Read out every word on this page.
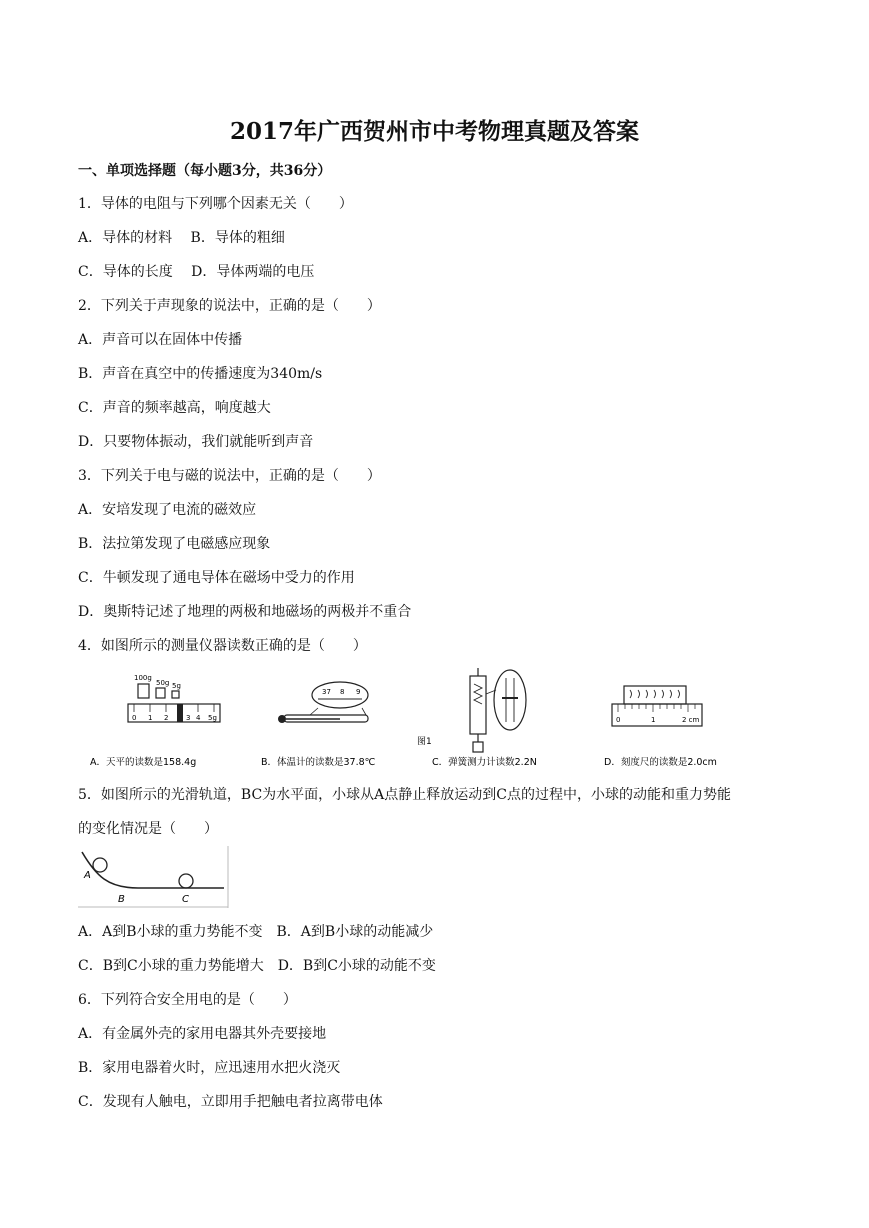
2017年广西贺州市中考物理真题及答案
一、单项选择题（每小题3分，共36分）
1．导体的电阻与下列哪个因素无关（　　）
A．导体的材料　 B．导体的粗细
C．导体的长度　 D．导体两端的电压
2．下列关于声现象的说法中，正确的是（　　）
A．声音可以在固体中传播
B．声音在真空中的传播速度为340m/s
C．声音的频率越高，响度越大
D．只要物体振动，我们就能听到声音
3．下列关于电与磁的说法中，正确的是（　　）
A．安培发现了电流的磁效应
B．法拉第发现了电磁感应现象
C．牛顿发现了通电导体在磁场中受力的作用
D．奥斯特记述了地理的两极和地磁场的两极并不重合
4．如图所示的测量仪器读数正确的是（　　）
100g
50g 5g
0 1 2	3 4 5g
37 8 9
0	1	2 cm
图1
A．天平的读数是158.4g	B．体温计的读数是37.8℃	C．弹簧测力计读数2.2N	D．刻度尺的读数是2.0cm
5．如图所示的光滑轨道，BC为水平面，小球从A点静止释放运动到C点的过程中，小球的动能和重力势能
的变化情况是（　　）
A
B	C
A．A到B小球的重力势能不变　B．A到B小球的动能减少
C．B到C小球的重力势能增大　D．B到C小球的动能不变
6．下列符合安全用电的是（　　）
A．有金属外壳的家用电器其外壳要接地
B．家用电器着火时，应迅速用水把火浇灭
C．发现有人触电，立即用手把触电者拉离带电体
